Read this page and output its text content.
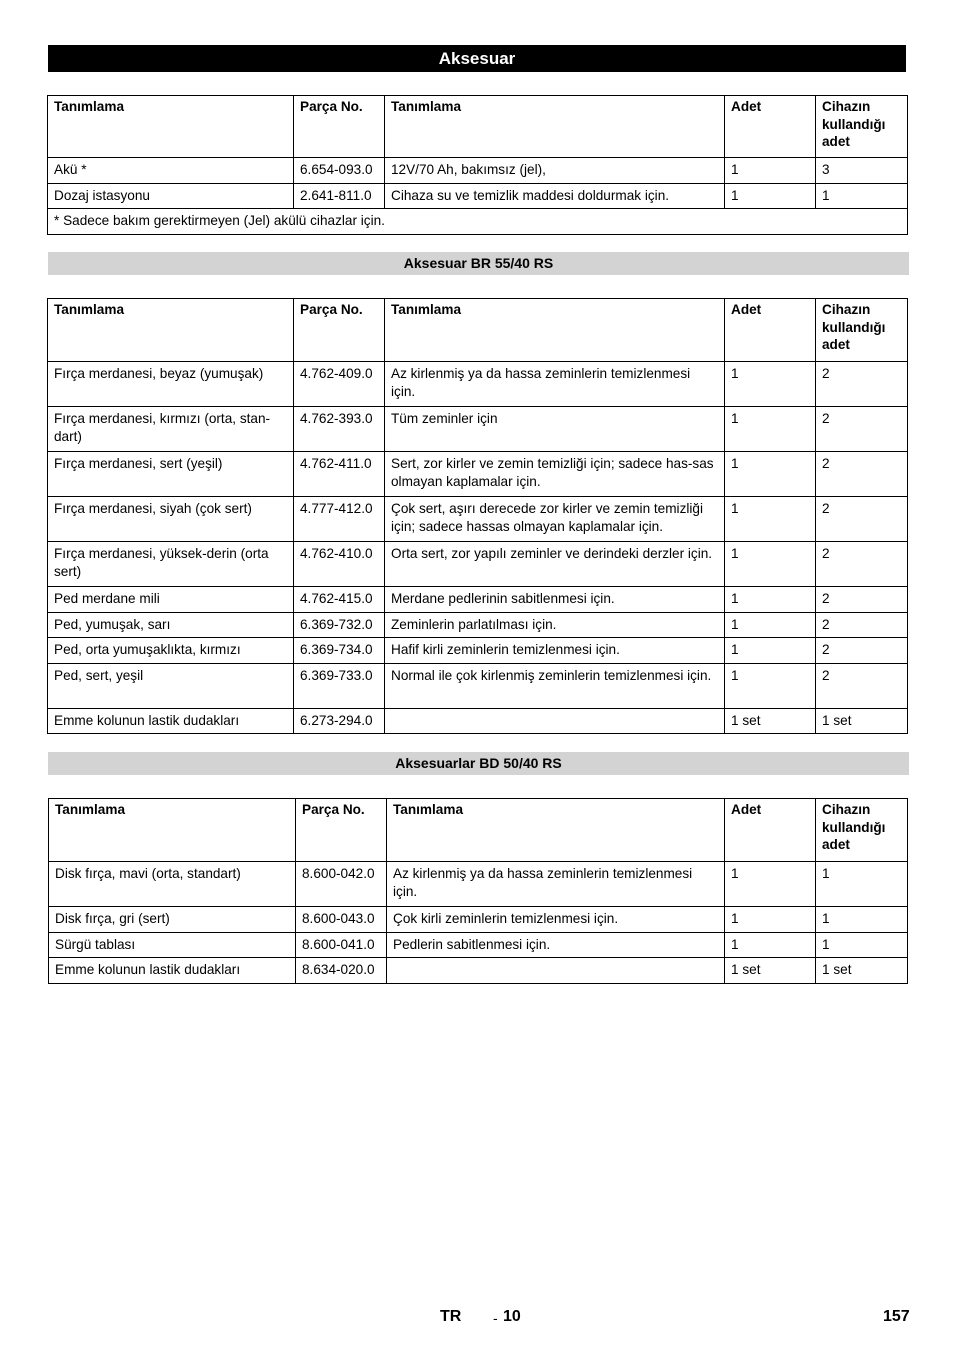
Aksesuar
Tanımlama	Parça No.	Tanımlama	Adet	Cihazın kullandığı adet
Akü *	6.654-093.0	12V/70 Ah, bakımsız (jel),	1	3
Dozaj istasyonu	2.641-811.0	Cihaza su ve temizlik maddesi doldurmak için.	1	1
* Sadece bakım gerektirmeyen (Jel) akülü cihazlar için.				
Aksesuar BR 55/40 RS
Tanımlama	Parça No.	Tanımlama	Adet	Cihazın kullandığı adet
Fırça merdanesi, beyaz (yumuşak)	4.762-409.0	Az kirlenmiş ya da hassa zeminlerin temizlenmesi için.	1	2
Fırça merdanesi, kırmızı (orta, stan-dart)	4.762-393.0	Tüm zeminler için	1	2
Fırça merdanesi, sert (yeşil)	4.762-411.0	Sert, zor kirler ve zemin temizliği için; sadece has-sas olmayan kaplamalar için.	1	2
Fırça merdanesi, siyah (çok sert)	4.777-412.0	Çok sert, aşırı derecede zor kirler ve zemin temizliği için; sadece hassas olmayan kaplamalar için.	1	2
Fırça merdanesi, yüksek-derin (orta sert)	4.762-410.0	Orta sert, zor yapılı zeminler ve derindeki derzler için.	1	2
Ped merdane mili	4.762-415.0	Merdane pedlerinin sabitlenmesi için.	1	2
Ped, yumuşak, sarı	6.369-732.0	Zeminlerin parlatılması için.	1	2
Ped, orta yumuşaklıkta, kırmızı	6.369-734.0	Hafif kirli zeminlerin temizlenmesi için.	1	2
Ped, sert, yeşil	6.369-733.0	Normal ile çok kirlenmiş zeminlerin temizlenmesi için.	1	2
Emme kolunun lastik dudakları	6.273-294.0		1 set	1 set
Aksesuarlar BD 50/40 RS
Tanımlama	Parça No.	Tanımlama	Adet	Cihazın kullandığı adet
Disk fırça, mavi (orta, standart)	8.600-042.0	Az kirlenmiş ya da hassa zeminlerin temizlenmesi için.	1	1
Disk fırça, gri (sert)	8.600-043.0	Çok kirli zeminlerin temizlenmesi için.	1	1
Sürgü tablası	8.600-041.0	Pedlerin sabitlenmesi için.	1	1
Emme kolunun lastik dudakları	8.634-020.0		1 set	1 set
TR - 10	157
